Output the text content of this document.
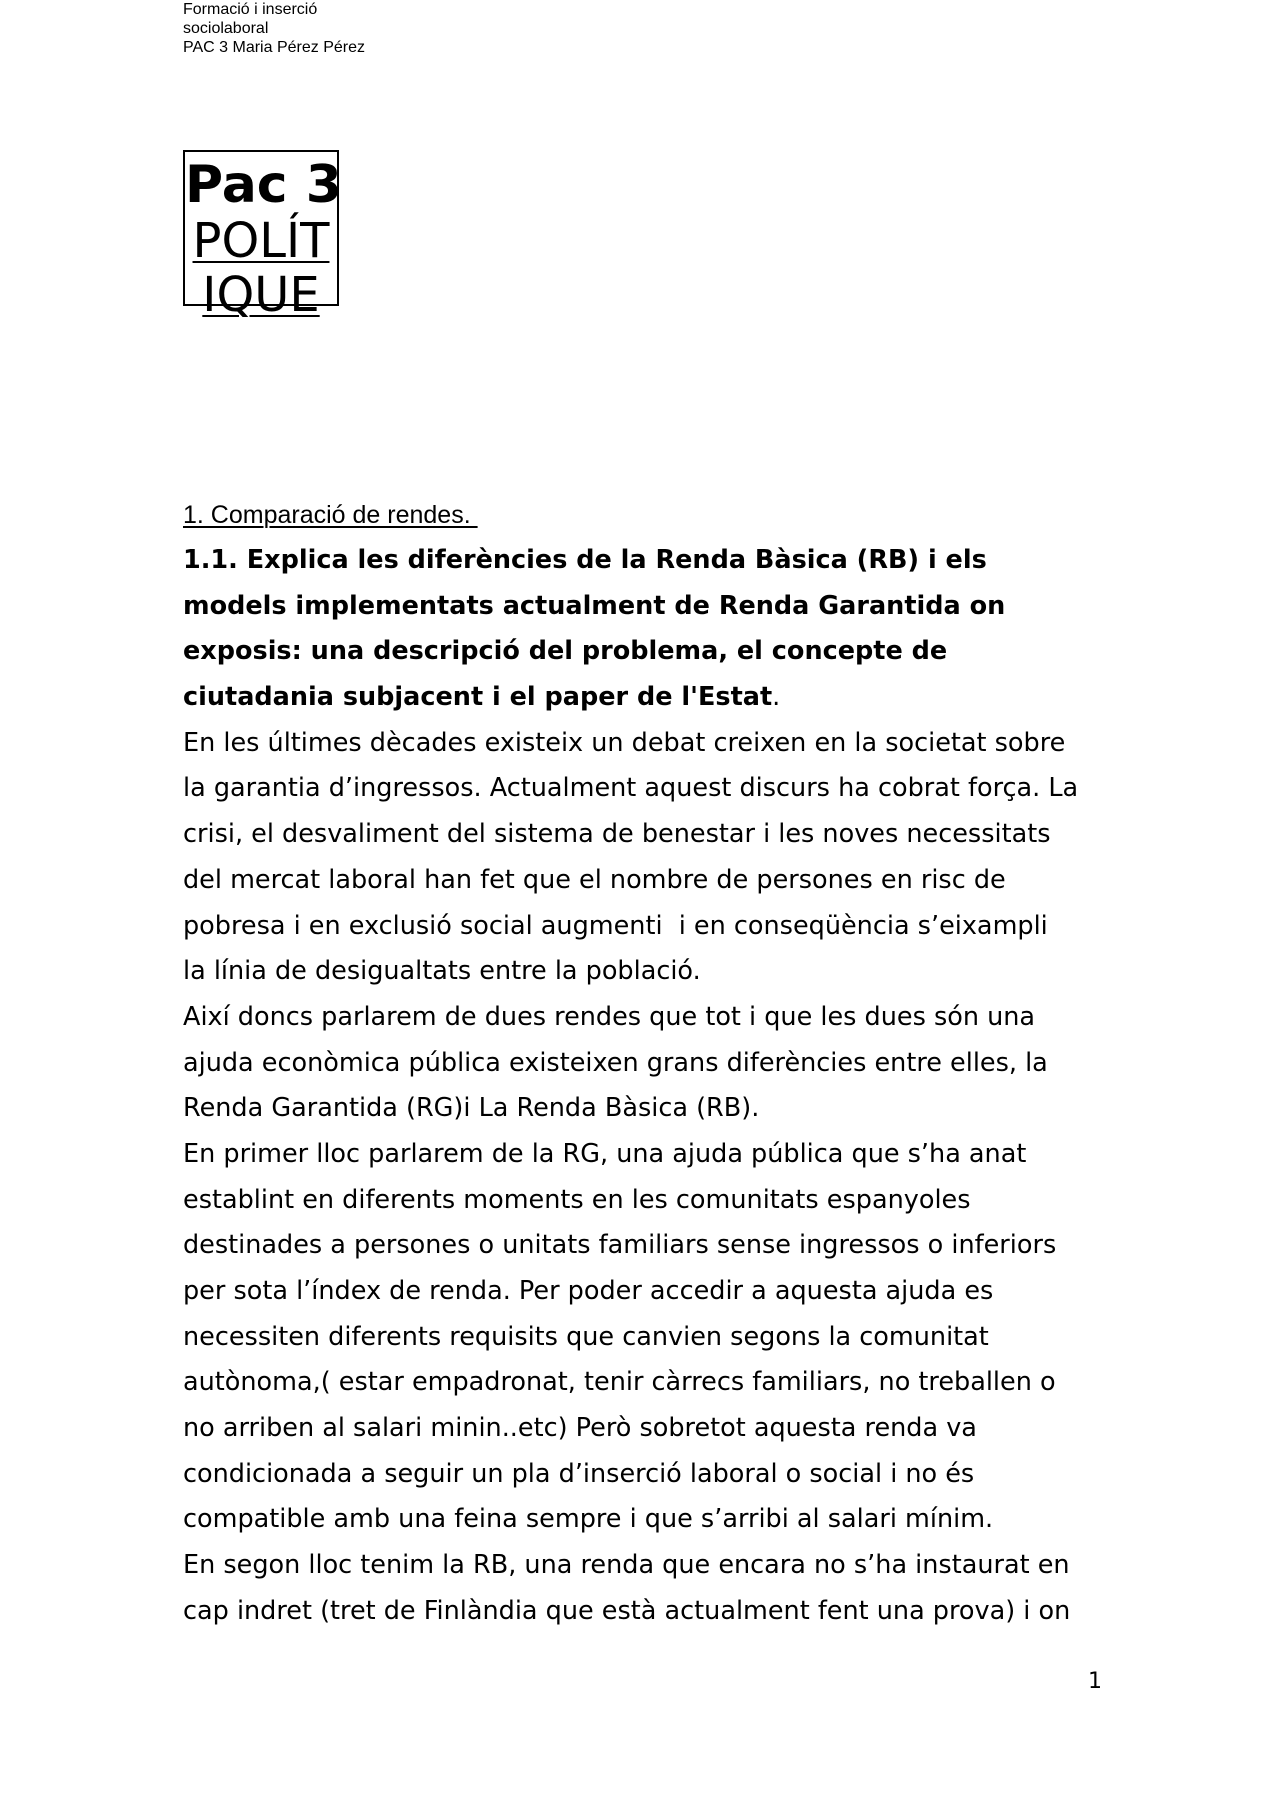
Formació i inserció
sociolaboral
PAC 3 Maria Pérez Pérez
Pac 3
POLÍT
IQUE
1. Comparació de rendes.
1.1. Explica les diferències de la Renda Bàsica (RB) i els
models implementats actualment de Renda Garantida on
exposis: una descripció del problema, el concepte de
ciutadania subjacent i el paper de l'Estat.
En les últimes dècades existeix un debat creixen en la societat sobre
la garantia d’ingressos. Actualment aquest discurs ha cobrat força. La
crisi, el desvaliment del sistema de benestar i les noves necessitats
del mercat laboral han fet que el nombre de persones en risc de
pobresa i en exclusió social augmenti  i en conseqüència s’eixampli
la línia de desigualtats entre la població.
Així doncs parlarem de dues rendes que tot i que les dues són una
ajuda econòmica pública existeixen grans diferències entre elles, la
Renda Garantida (RG)i La Renda Bàsica (RB).
En primer lloc parlarem de la RG, una ajuda pública que s’ha anat
establint en diferents moments en les comunitats espanyoles
destinades a persones o unitats familiars sense ingressos o inferiors
per sota l’índex de renda. Per poder accedir a aquesta ajuda es
necessiten diferents requisits que canvien segons la comunitat
autònoma,( estar empadronat, tenir càrrecs familiars, no treballen o
no arriben al salari minin..etc) Però sobretot aquesta renda va
condicionada a seguir un pla d’inserció laboral o social i no és
compatible amb una feina sempre i que s’arribi al salari mínim.
En segon lloc tenim la RB, una renda que encara no s’ha instaurat en
cap indret (tret de Finlàndia que està actualment fent una prova) i on
1
